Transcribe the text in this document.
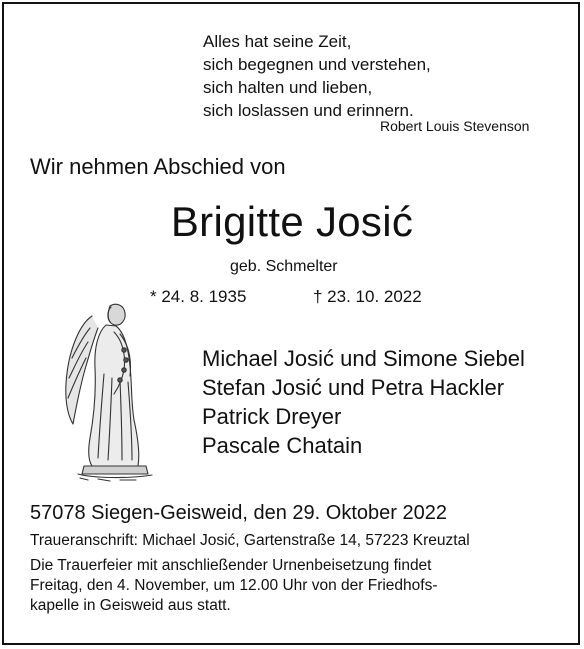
Alles hat seine Zeit,
sich begegnen und verstehen,
sich halten und lieben,
sich loslassen und erinnern.
Robert Louis Stevenson
Wir nehmen Abschied von
Brigitte Josić
geb. Schmelter
* 24. 8. 1935	† 23. 10. 2022
Michael Josić und Simone Siebel
Stefan Josić und Petra Hackler
Patrick Dreyer
Pascale Chatain
57078 Siegen-Geisweid, den 29. Oktober 2022
Traueranschrift: Michael Josić, Gartenstraße 14, 57223 Kreuztal
Die Trauerfeier mit anschließender Urnenbeisetzung findet
Freitag, den 4. November, um 12.00 Uhr von der Friedhofs-
kapelle in Geisweid aus statt.
